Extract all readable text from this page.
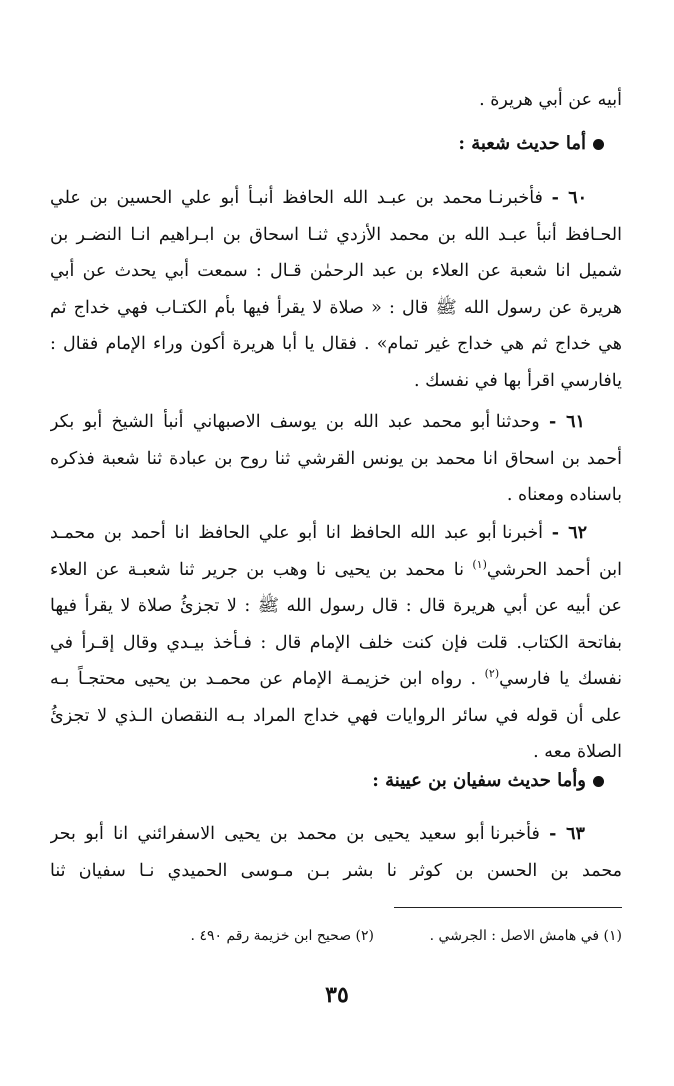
أبيه عن أبي هريرة .
أما حديث شعبة :
٦٠ - فأخبرنـا محمد بن عبـد الله الحافظ أنبـأ أبو علي الحسين بن علي
الحـافظ أنبأ عبـد الله بن محمد الأزدي ثنـا اسحاق بن ابـراهيم انـا النضـر بن
شميل انا شعبة عن العلاء بن عبد الرحمٰن قـال : سمعت أبي يحدث عن أبي
هريرة عن رسول الله ﷺ قال : « صلاة لا يقرأ فيها بأم الكتـاب فهي خداج ثم
هي خداج ثم هي خداج غير تمام» . فقال يا أبا هريرة أكون وراء الإمام فقال :
يافارسي اقرأ بها في نفسك .
٦١ - وحدثنا أبو محمد عبد الله بن يوسف الاصبهاني أنبأ الشيخ أبو بكر
أحمد بن اسحاق انا محمد بن يونس القرشي ثنا روح بن عبادة ثنا شعبة فذكره
باسناده ومعناه .
٦٢ - أخبرنا أبو عبد الله الحافظ انا أبو علي الحافظ انا أحمد بن محمـد
ابن أحمد الحرشي$^{(١)}$ نا محمد بن يحيى نا وهب بن جرير ثنا شعبـة عن العلاء
عن أبيه عن أبي هريرة قال : قال رسول الله ﷺ : لا تجزئُ صلاة لا يقرأ فيها
بفاتحة الكتاب. قلت فإن كنت خلف الإمام قال : فـأخذ بيـدي وقال إقـرأ في
نفسك يا فارسي$^{(٢)}$ . رواه ابن خزيمـة الإمام عن محمـد بن يحيى محتجـاً بـه
على أن قوله في سائر الروايات فهي خداج المراد بـه النقصان الـذي لا تجزئُ
الصلاة معه .
وأما حديث سفيان بن عيينة :
٦٣ - فأخبرنا أبو سعيد يحيى بن محمد بن يحيى الاسفرائني انا أبو بحر
محمد بن الحسن بن كوثر نا بشر بـن مـوسى الحميدي نـا سفيان ثنا
(١) في هامش الاصل : الجرشي .
(٢) صحيح ابن خزيمة رقم ٤٩٠ .
٣٥
